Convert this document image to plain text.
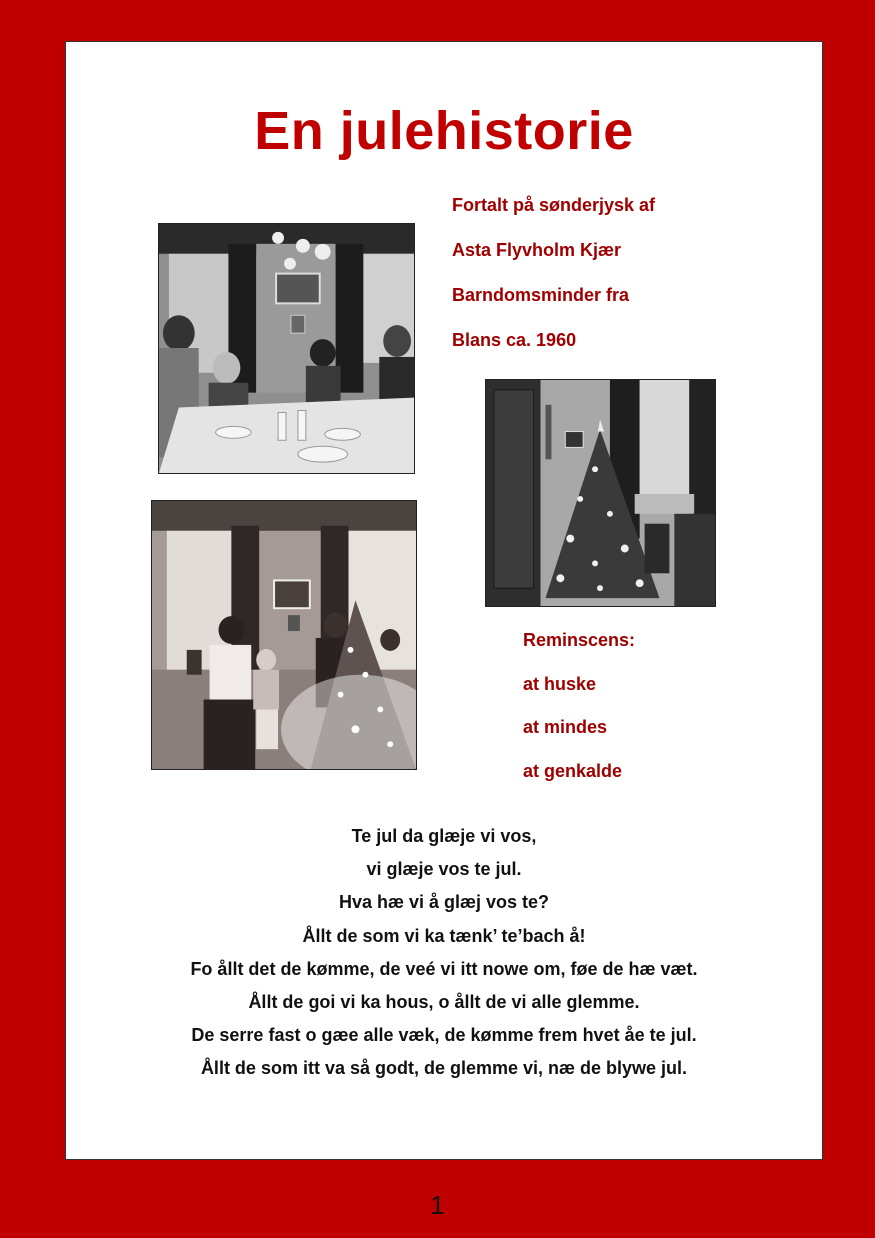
En julehistorie
Fortalt på sønderjysk af
Asta Flyvholm Kjær
Barndomsminder fra
Blans ca. 1960
Reminscens:
at huske
at mindes
at genkalde
Te jul da glæje vi vos,
vi glæje vos te jul.
Hva hæ vi å glæj vos te?
Ållt de som vi ka tænk’ te’bach å!
Fo ållt det de kømme, de veé vi itt nowe om, føe de hæ væt.
Ållt de goi vi ka hous, o ållt de vi alle glemme.
De serre fast o gæe alle væk, de kømme frem hvet åe te jul.
Ållt de som itt va så godt, de glemme vi, næ de blywe jul.
1
